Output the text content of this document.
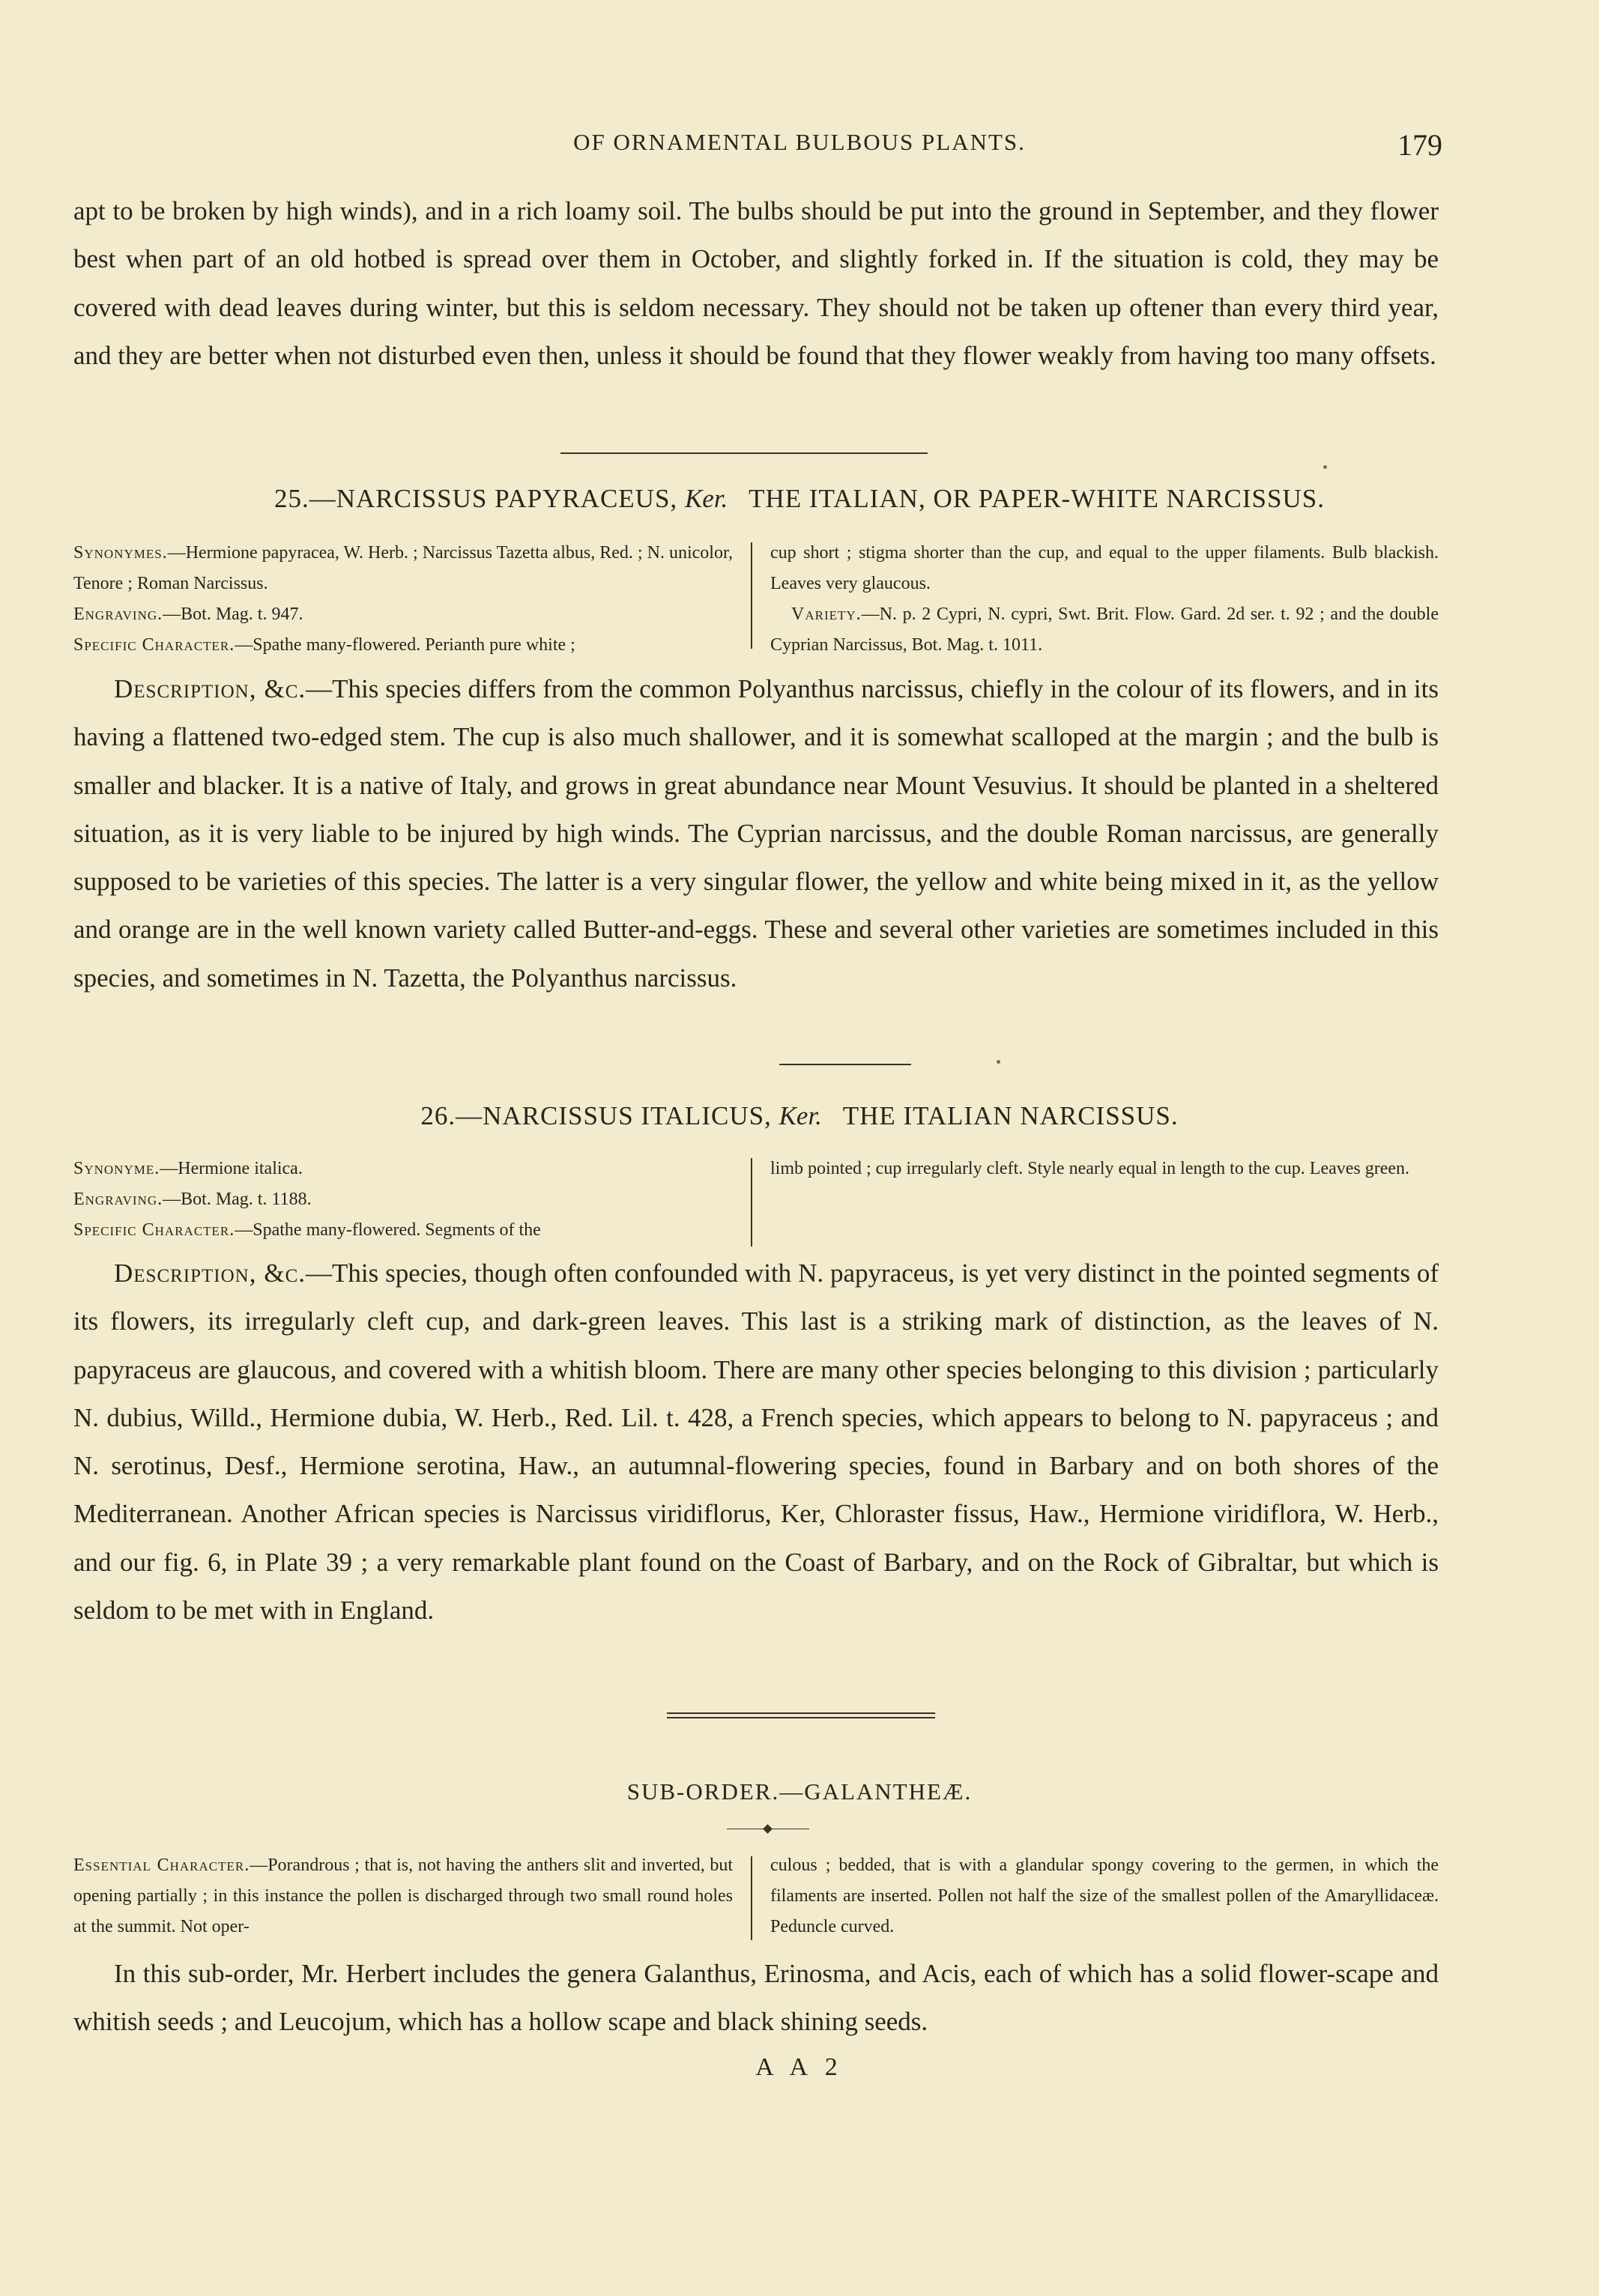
OF ORNAMENTAL BULBOUS PLANTS.	179

apt to be broken by high winds), and in a rich loamy soil. The bulbs should be put into the ground in September, and they flower best when part of an old hotbed is spread over them in October, and slightly forked in. If the situation is cold, they may be covered with dead leaves during winter, but this is seldom necessary. They should not be taken up oftener than every third year, and they are better when not disturbed even then, unless it should be found that they flower weakly from having too many offsets.

25.—NARCISSUS PAPYRACEUS, Ker. THE ITALIAN, OR PAPER-WHITE NARCISSUS.

Synonymes.—Hermione papyracea, W. Herb. ; Narcissus Tazetta albus, Red. ; N. unicolor, Tenore ; Roman Narcissus.

Engraving.—Bot. Mag. t. 947.

Specific Character.—Spathe many-flowered. Perianth pure white ;

cup short ; stigma shorter than the cup, and equal to the upper filaments. Bulb blackish. Leaves very glaucous.

Variety.—N. p. 2 Cypri, N. cypri, Swt. Brit. Flow. Gard. 2d ser. t. 92 ; and the double Cyprian Narcissus, Bot. Mag. t. 1011.

Description, &c.—This species differs from the common Polyanthus narcissus, chiefly in the colour of its flowers, and in its having a flattened two-edged stem. The cup is also much shallower, and it is somewhat scalloped at the margin ; and the bulb is smaller and blacker. It is a native of Italy, and grows in great abundance near Mount Vesuvius. It should be planted in a sheltered situation, as it is very liable to be injured by high winds. The Cyprian narcissus, and the double Roman narcissus, are generally supposed to be varieties of this species. The latter is a very singular flower, the yellow and white being mixed in it, as the yellow and orange are in the well known variety called Butter-and-eggs. These and several other varieties are sometimes included in this species, and sometimes in N. Tazetta, the Polyanthus narcissus.

26.—NARCISSUS ITALICUS, Ker. THE ITALIAN NARCISSUS.

Synonyme.—Hermione italica.

Engraving.—Bot. Mag. t. 1188.

Specific Character.—Spathe many-flowered. Segments of the

limb pointed ; cup irregularly cleft. Style nearly equal in length to the cup. Leaves green.

Description, &c.—This species, though often confounded with N. papyraceus, is yet very distinct in the pointed segments of its flowers, its irregularly cleft cup, and dark-green leaves. This last is a striking mark of distinction, as the leaves of N. papyraceus are glaucous, and covered with a whitish bloom. There are many other species belonging to this division ; particularly N. dubius, Willd., Hermione dubia, W. Herb., Red. Lil. t. 428, a French species, which appears to belong to N. papyraceus ; and N. serotinus, Desf., Hermione serotina, Haw., an autumnal-flowering species, found in Barbary and on both shores of the Mediterranean. Another African species is Narcissus viridiflorus, Ker, Chloraster fissus, Haw., Hermione viridiflora, W. Herb., and our fig. 6, in Plate 39 ; a very remarkable plant found on the Coast of Barbary, and on the Rock of Gibraltar, but which is seldom to be met with in England.

SUB-ORDER.—GALANTHEÆ.

Essential Character.—Porandrous ; that is, not having the anthers slit and inverted, but opening partially ; in this instance the pollen is discharged through two small round holes at the summit. Not oper-

culous ; bedded, that is with a glandular spongy covering to the germen, in which the filaments are inserted. Pollen not half the size of the smallest pollen of the Amaryllidaceæ. Peduncle curved.

In this sub-order, Mr. Herbert includes the genera Galanthus, Erinosma, and Acis, each of which has a solid flower-scape and whitish seeds ; and Leucojum, which has a hollow scape and black shining seeds.

A A 2
